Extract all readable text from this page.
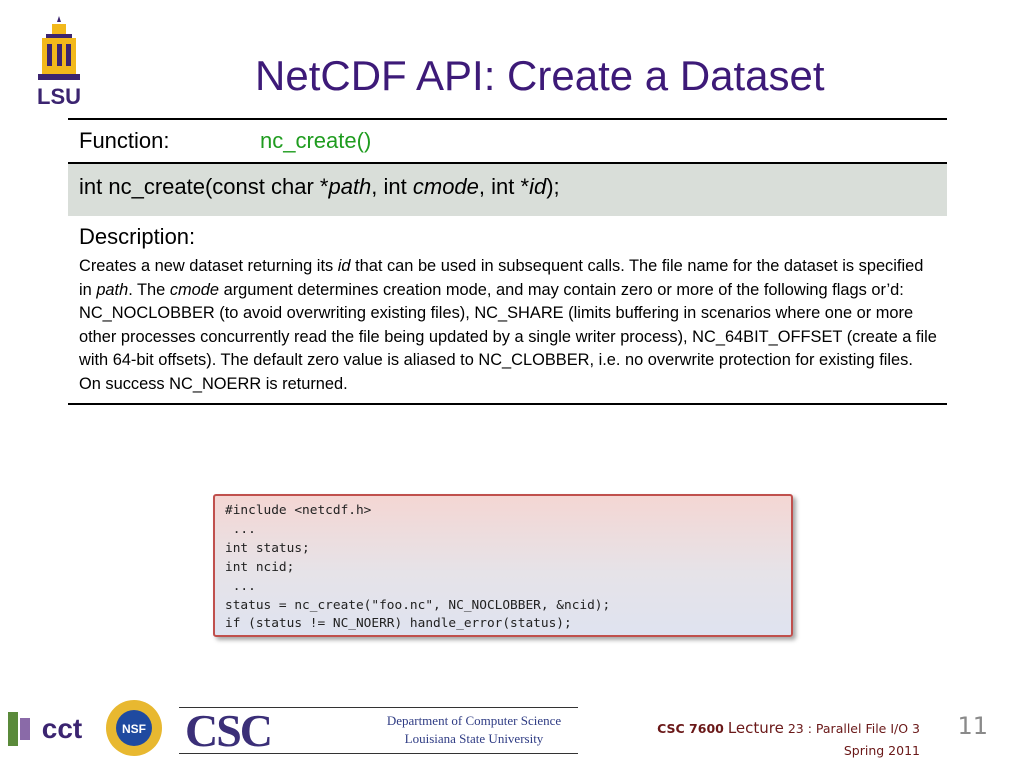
LSU	NetCDF API: Create a Dataset
Function:	nc_create()
int nc_create(const char *path, int cmode, int *id);
Description:

Creates a new dataset returning its id that can be used in subsequent calls. The file name for the dataset is specified in path. The cmode argument determines creation mode, and may contain zero or more of the following flags or’d: NC_NOCLOBBER (to avoid overwriting existing files), NC_SHARE (limits buffering in scenarios where one or more other processes concurrently read the file being updated by a single writer process), NC_64BIT_OFFSET (create a file with 64-bit offsets). The default zero value is aliased to NC_CLOBBER, i.e. no overwrite protection for existing files. On success NC_NOERR is returned.

#include <netcdf.h>
...
int status;
int ncid;
...
status = nc_create("foo.nc", NC_NOCLOBBER, &ncid);
if (status != NC_NOERR) handle_error(status);
cct	NSF CSC	Department of Computer Science
Louisiana State University
CSC 7600 Lecture 23 : Parallel File I/O 3
Spring 2011
11
